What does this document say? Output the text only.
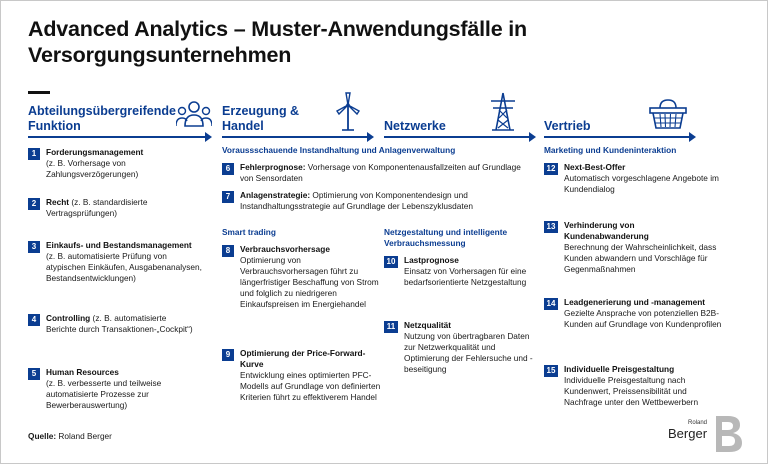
Advanced Analytics – Muster-Anwendungsfälle in Versorgungsunternehmen
Abteilungsübergreifende Funktion
Erzeugung & Handel	Netzwerke	Vertrieb
Voraussschauende Instandhaltung und Anlagenverwaltung
Smart trading	Netzgestaltung und intelligente Verbrauchsmessung
Marketing und Kundeninteraktion
1	Forderungsmanagement
(z. B. Vorhersage von Zahlungsverzögerungen)
2	Recht (z. B. standardisierte Vertragsprüfungen)
3	Einkaufs- und Bestandsmanagement
(z. B. automatisierte Prüfung von atypischen Einkäufen, Ausgabenanalysen, Bestandsentwicklungen)
4	Controlling (z. B. automatisierte Berichte durch Transaktionen-„Cockpit“)
5	Human Resources
(z. B. verbesserte und teilweise automatisierte Prozesse zur Bewerberauswertung)
6	Fehlerprognose: Vorhersage von Komponentenausfallzeiten auf Grundlage von Sensordaten
7	Anlagenstrategie: Optimierung von Komponentendesign und Instandhaltungsstrategie auf Grundlage der Lebenszyklusdaten
8	Verbrauchsvorhersage
Optimierung von Verbrauchsvorhersagen führt zu längerfristiger Beschaffung von Strom und folglich zu niedrigeren Einkaufspreisen im Energiehandel
9	Optimierung der Price-Forward-Kurve
Entwicklung eines optimierten PFC-Modells auf Grundlage von definierten Kriterien führt zu effektiverem Handel
10	Lastprognose
Einsatz von Vorhersagen für eine bedarfsorientierte Netzgestaltung
11	Netzqualität
Nutzung von übertragbaren Daten zur Netzwerkqualität und Optimierung der Fehlersuche und -beseitigung
12	Next-Best-Offer
Automatisch vorgeschlagene Angebote im Kundendialog
13	Verhinderung von Kundenabwanderung
Berechnung der Wahrscheinlichkeit, dass Kunden abwandern und Vorschläge für Gegenmaßnahmen
14	Leadgenerierung und -management
Gezielte Ansprache von potenziellen B2B-Kunden auf Grundlage von Kundenprofilen
15	Individuelle Preisgestaltung
Individuelle Preisgestaltung nach Kundenwert, Preissensibilität und Nachfrage unter den Wettbewerbern
Quelle: Roland Berger
Roland
Berger
